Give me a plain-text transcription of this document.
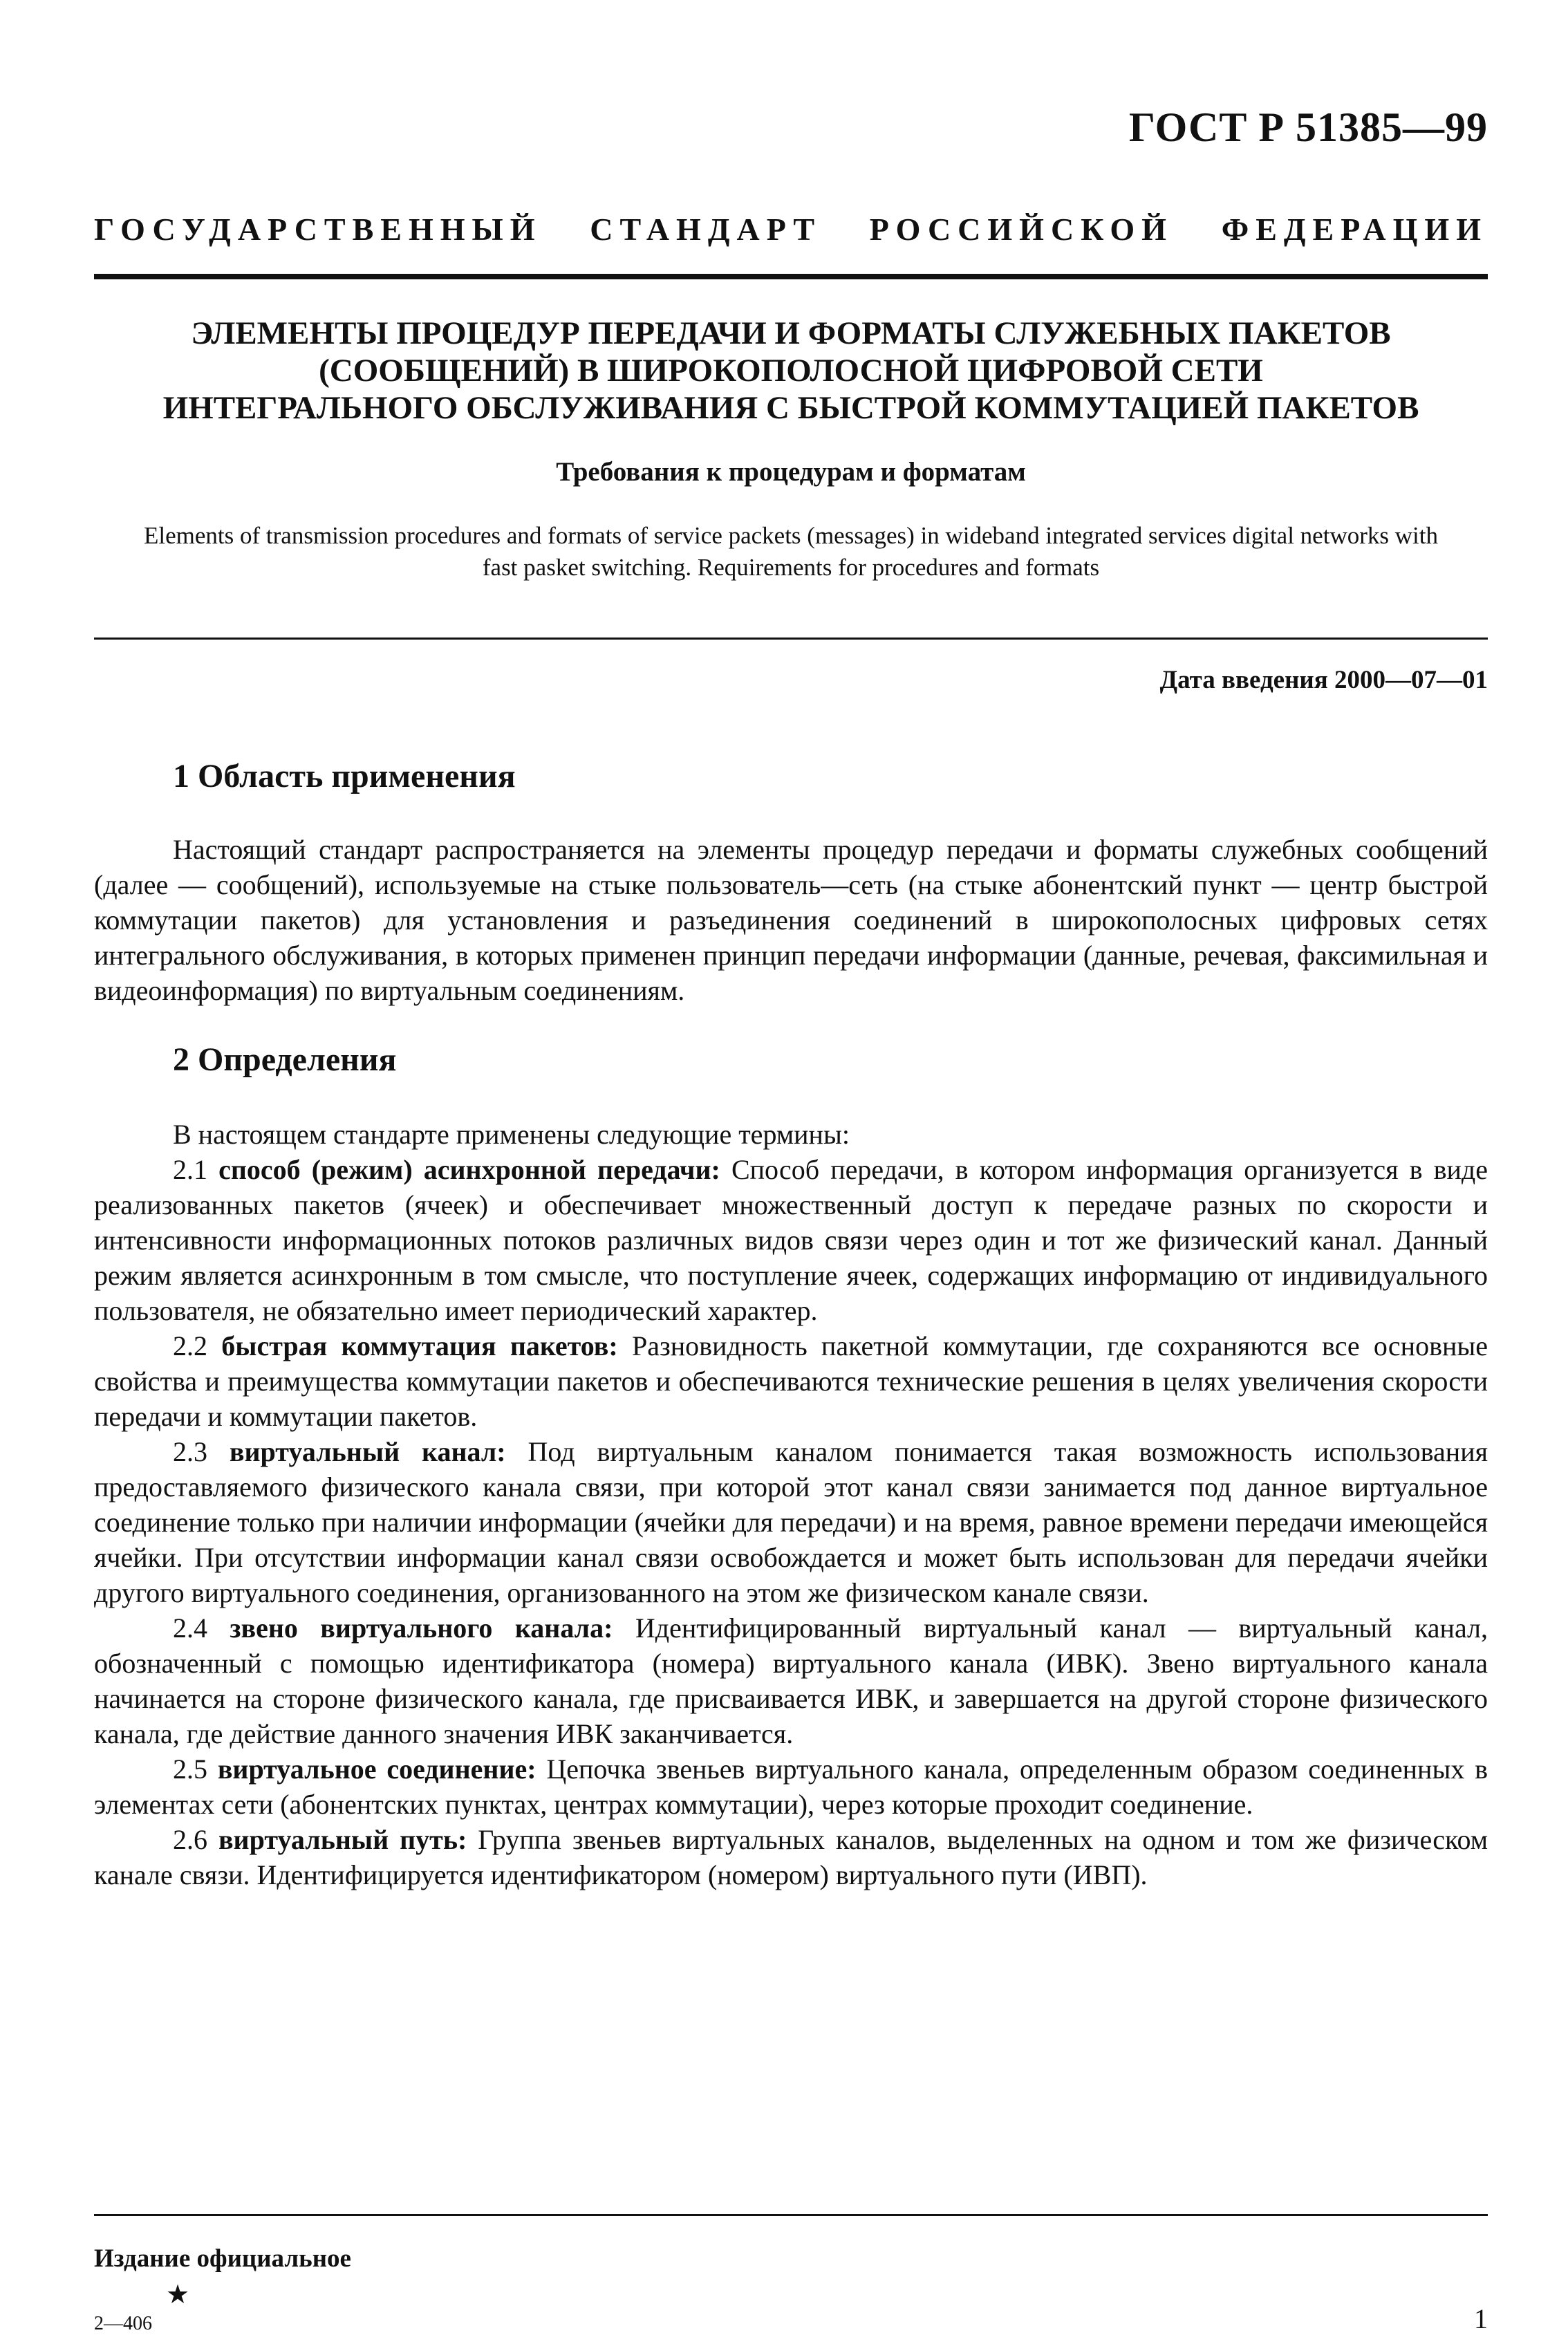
ГОСТ Р 51385—99
ГОСУДАРСТВЕННЫЙ СТАНДАРТ РОССИЙСКОЙ ФЕДЕРАЦИИ
ЭЛЕМЕНТЫ ПРОЦЕДУР ПЕРЕДАЧИ И ФОРМАТЫ СЛУЖЕБНЫХ ПАКЕТОВ
(СООБЩЕНИЙ) В ШИРОКОПОЛОСНОЙ ЦИФРОВОЙ СЕТИ
ИНТЕГРАЛЬНОГО ОБСЛУЖИВАНИЯ С БЫСТРОЙ КОММУТАЦИЕЙ ПАКЕТОВ
Требования к процедурам и форматам
Elements of transmission procedures and formats of service packets (messages) in wideband integrated services digital networks with fast pasket switching. Requirements for procedures and formats
Дата введения 2000—07—01
1 Область применения

Настоящий стандарт распространяется на элементы процедур передачи и форматы служебных сообщений (далее — сообщений), используемые на стыке пользователь—сеть (на стыке абонентский пункт — центр быстрой коммутации пакетов) для установления и разъединения соединений в широкополосных цифровых сетях интегрального обслуживания, в которых применен принцип передачи информации (данные, речевая, факсимильная и видеоинформация) по виртуальным соединениям.

2 Определения

В настоящем стандарте применены следующие термины:

2.1 способ (режим) асинхронной передачи: Способ передачи, в котором информация организуется в виде реализованных пакетов (ячеек) и обеспечивает множественный доступ к передаче разных по скорости и интенсивности информационных потоков различных видов связи через один и тот же физический канал. Данный режим является асинхронным в том смысле, что поступление ячеек, содержащих информацию от индивидуального пользователя, не обязательно имеет периодический характер.

2.2 быстрая коммутация пакетов: Разновидность пакетной коммутации, где сохраняются все основные свойства и преимущества коммутации пакетов и обеспечиваются технические решения в целях увеличения скорости передачи и коммутации пакетов.

2.3 виртуальный канал: Под виртуальным каналом понимается такая возможность использования предоставляемого физического канала связи, при которой этот канал связи занимается под данное виртуальное соединение только при наличии информации (ячейки для передачи) и на время, равное времени передачи имеющейся ячейки. При отсутствии информации канал связи освобождается и может быть использован для передачи ячейки другого виртуального соединения, организованного на этом же физическом канале связи.

2.4 звено виртуального канала: Идентифицированный виртуальный канал — виртуальный канал, обозначенный с помощью идентификатора (номера) виртуального канала (ИВК). Звено виртуального канала начинается на стороне физического канала, где присваивается ИВК, и завершается на другой стороне физического канала, где действие данного значения ИВК заканчивается.

2.5 виртуальное соединение: Цепочка звеньев виртуального канала, определенным образом соединенных в элементах сети (абонентских пунктах, центрах коммутации), через которые проходит соединение.

2.6 виртуальный путь: Группа звеньев виртуальных каналов, выделенных на одном и том же физическом канале связи. Идентифицируется идентификатором (номером) виртуального пути (ИВП).

Издание официальное
★
2—406	1
